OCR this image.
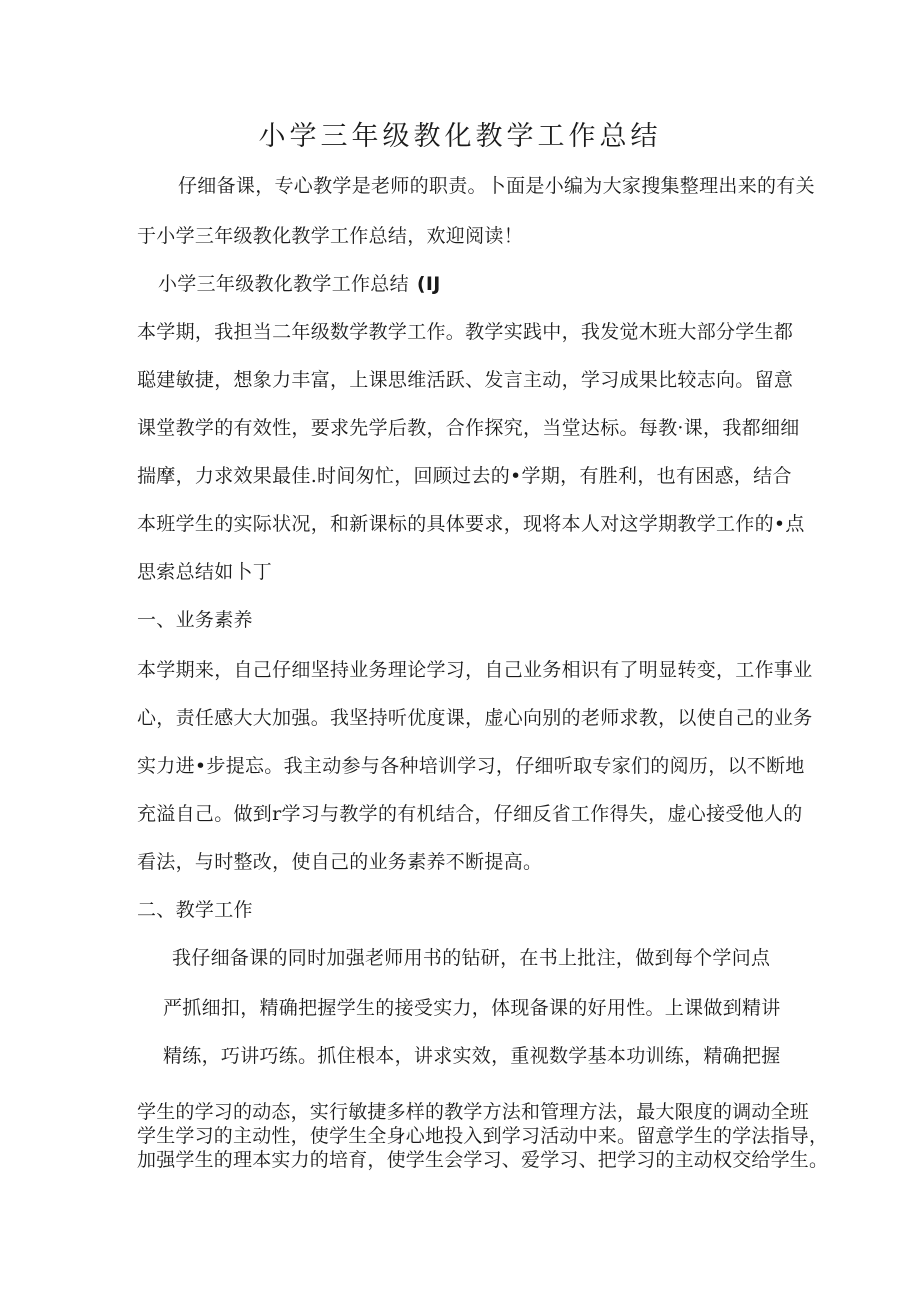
小学三年级教化教学工作总结
仔细备课，专心教学是老师的职责。卜面是小编为大家搜集整理出来的有关
于小学三年级教化教学工作总结，欢迎阅读！
小学三年级教化教学工作总结 (IJ
本学期，我担当二年级数学教学工作。教学实践中，我发觉木班大部分学生都
聪建敏捷，想象力丰富，上课思维活跃、发言主动，学习成果比较志向。留意
课堂教学的有效性，要求先学后教，合作探究，当堂达标。每教·课，我都细细
揣摩，力求效果最佳.时间匆忙，回顾过去的•学期，有胜利，也有困惑，结合
本班学生的实际状况，和新课标的具体要求，现将本人对这学期教学工作的•点
思索总结如卜丁
一、业务素养
本学期来，自己仔细坚持业务理论学习，自己业务相识有了明显转变，工作事业
心，责任感大大加强。我坚持听优度课，虚心向别的老师求教，以使自己的业务
实力进•步提忘。我主动参与各种培训学习，仔细听取专家们的阅历，以不断地
充溢自己。做到r学习与教学的有机结合，仔细反省工作得失，虚心接受他人的
看法，与时整改，使自己的业务素养不断提高。
二、教学工作
我仔细备课的同时加强老师用书的钻研，在书上批注，做到每个学问点
严抓细扣，精确把握学生的接受实力，体现备课的好用性。上课做到精讲
精练，巧讲巧练。抓住根本，讲求实效，重视数学基本功训练，精确把握
学生的学习的动态，实行敏捷多样的教学方法和管理方法，最大限度的调动全班
学生学习的主动性，使学生全身心地投入到学习活动中来。留意学生的学法指导，
加强学生的理本实力的培育，使学生会学习、爱学习、把学习的主动权交给学生。
